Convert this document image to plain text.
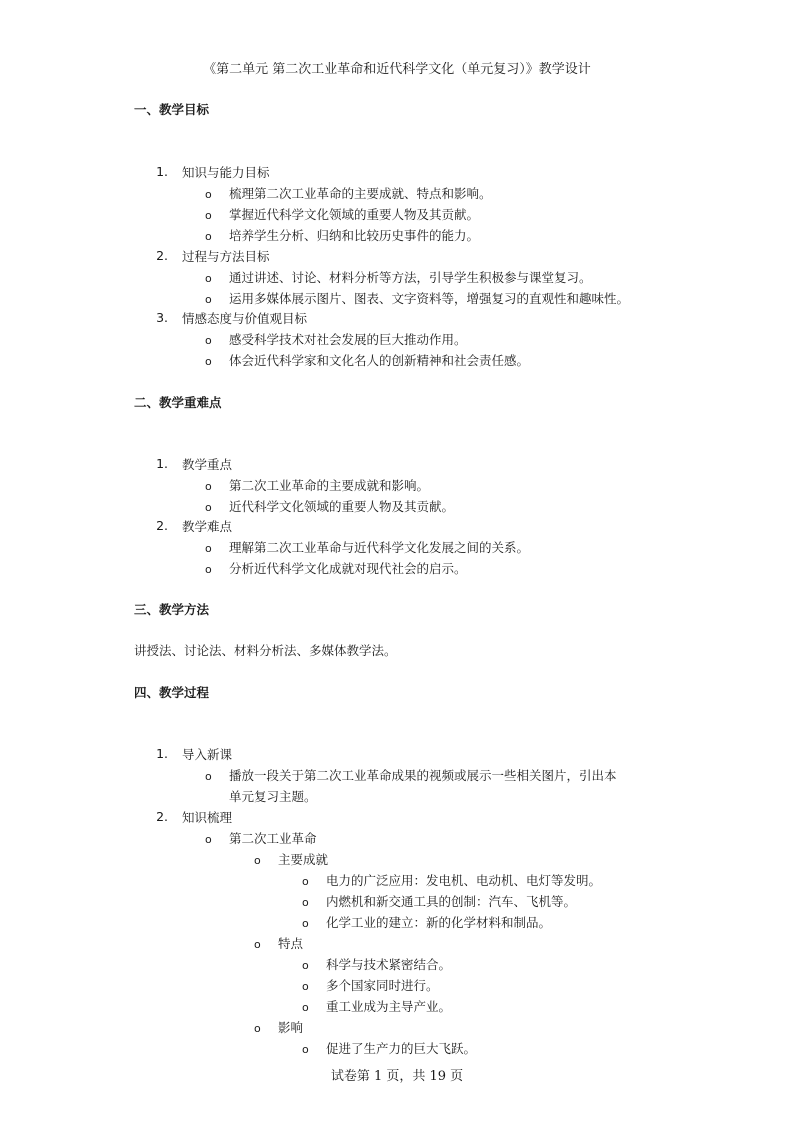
《第二单元 第二次工业革命和近代科学文化（单元复习）》教学设计
一、教学目标
1. 知识与能力目标
o	梳理第二次工业革命的主要成就、特点和影响。
o	掌握近代科学文化领域的重要人物及其贡献。
o	培养学生分析、归纳和比较历史事件的能力。
2. 过程与方法目标
o	通过讲述、讨论、材料分析等方法，引导学生积极参与课堂复习。
o	运用多媒体展示图片、图表、文字资料等，增强复习的直观性和趣味性。
3. 情感态度与价值观目标
o	感受科学技术对社会发展的巨大推动作用。
o	体会近代科学家和文化名人的创新精神和社会责任感。
二、教学重难点
1. 教学重点
o	第二次工业革命的主要成就和影响。
o	近代科学文化领域的重要人物及其贡献。
2. 教学难点
o	理解第二次工业革命与近代科学文化发展之间的关系。
o	分析近代科学文化成就对现代社会的启示。
三、教学方法
讲授法、讨论法、材料分析法、多媒体教学法。
四、教学过程
1. 导入新课
o	播放一段关于第二次工业革命成果的视频或展示一些相关图片，引出本
单元复习主题。
2. 知识梳理
o	第二次工业革命
o	主要成就
o	电力的广泛应用：发电机、电动机、电灯等发明。
o	内燃机和新交通工具的创制：汽车、飞机等。
o	化学工业的建立：新的化学材料和制品。
o	特点
o	科学与技术紧密结合。
o	多个国家同时进行。
o	重工业成为主导产业。
o	影响
o	促进了生产力的巨大飞跃。
试卷第 1 页，共 19 页
